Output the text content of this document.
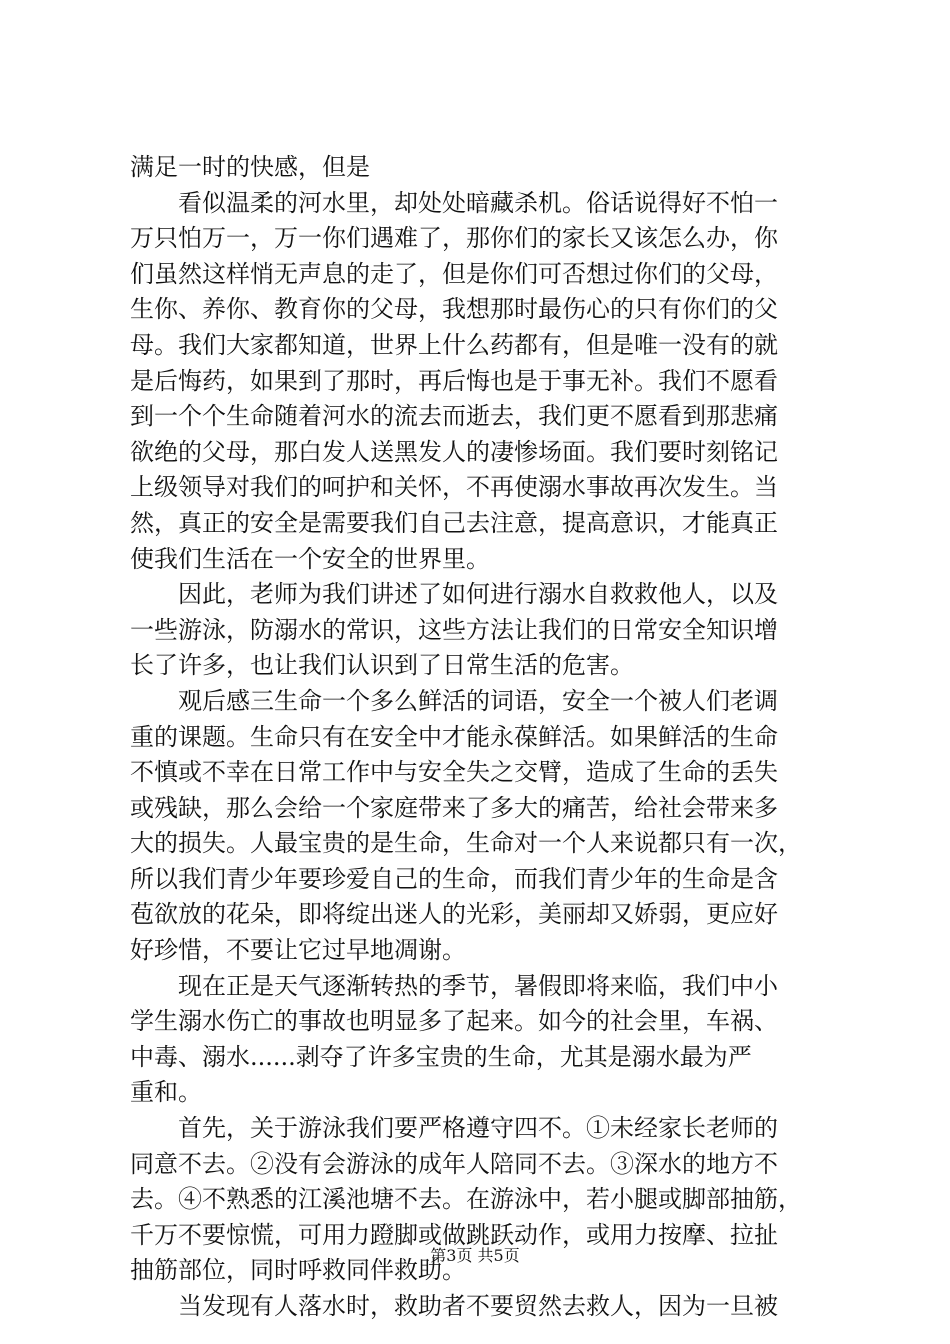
满足一时的快感，但是
看似温柔的河水里，却处处暗藏杀机。俗话说得好不怕一
万只怕万一，万一你们遇难了，那你们的家长又该怎么办，你
们虽然这样悄无声息的走了，但是你们可否想过你们的父母，
生你、养你、教育你的父母，我想那时最伤心的只有你们的父
母。我们大家都知道，世界上什么药都有，但是唯一没有的就
是后悔药，如果到了那时，再后悔也是于事无补。我们不愿看
到一个个生命随着河水的流去而逝去，我们更不愿看到那悲痛
欲绝的父母，那白发人送黑发人的凄惨场面。我们要时刻铭记
上级领导对我们的呵护和关怀，不再使溺水事故再次发生。当
然，真正的安全是需要我们自己去注意，提高意识，才能真正
使我们生活在一个安全的世界里。
因此，老师为我们讲述了如何进行溺水自救救他人，以及
一些游泳，防溺水的常识，这些方法让我们的日常安全知识增
长了许多，也让我们认识到了日常生活的危害。
观后感三生命一个多么鲜活的词语，安全一个被人们老调
重的课题。生命只有在安全中才能永葆鲜活。如果鲜活的生命
不慎或不幸在日常工作中与安全失之交臂，造成了生命的丢失
或残缺，那么会给一个家庭带来了多大的痛苦，给社会带来多
大的损失。人最宝贵的是生命，生命对一个人来说都只有一次，
所以我们青少年要珍爱自己的生命，而我们青少年的生命是含
苞欲放的花朵，即将绽出迷人的光彩，美丽却又娇弱，更应好
好珍惜，不要让它过早地凋谢。
现在正是天气逐渐转热的季节，暑假即将来临，我们中小
学生溺水伤亡的事故也明显多了起来。如今的社会里，车祸、
中毒、溺水......剥夺了许多宝贵的生命，尤其是溺水最为严
重和。
首先，关于游泳我们要严格遵守四不。①未经家长老师的
同意不去。②没有会游泳的成年人陪同不去。③深水的地方不
去。④不熟悉的江溪池塘不去。在游泳中，若小腿或脚部抽筋，
千万不要惊慌，可用力蹬脚或做跳跃动作，或用力按摩、拉扯
抽筋部位，同时呼救同伴救助。
当发现有人落水时，救助者不要贸然去救人，因为一旦被
第3页 共5页
